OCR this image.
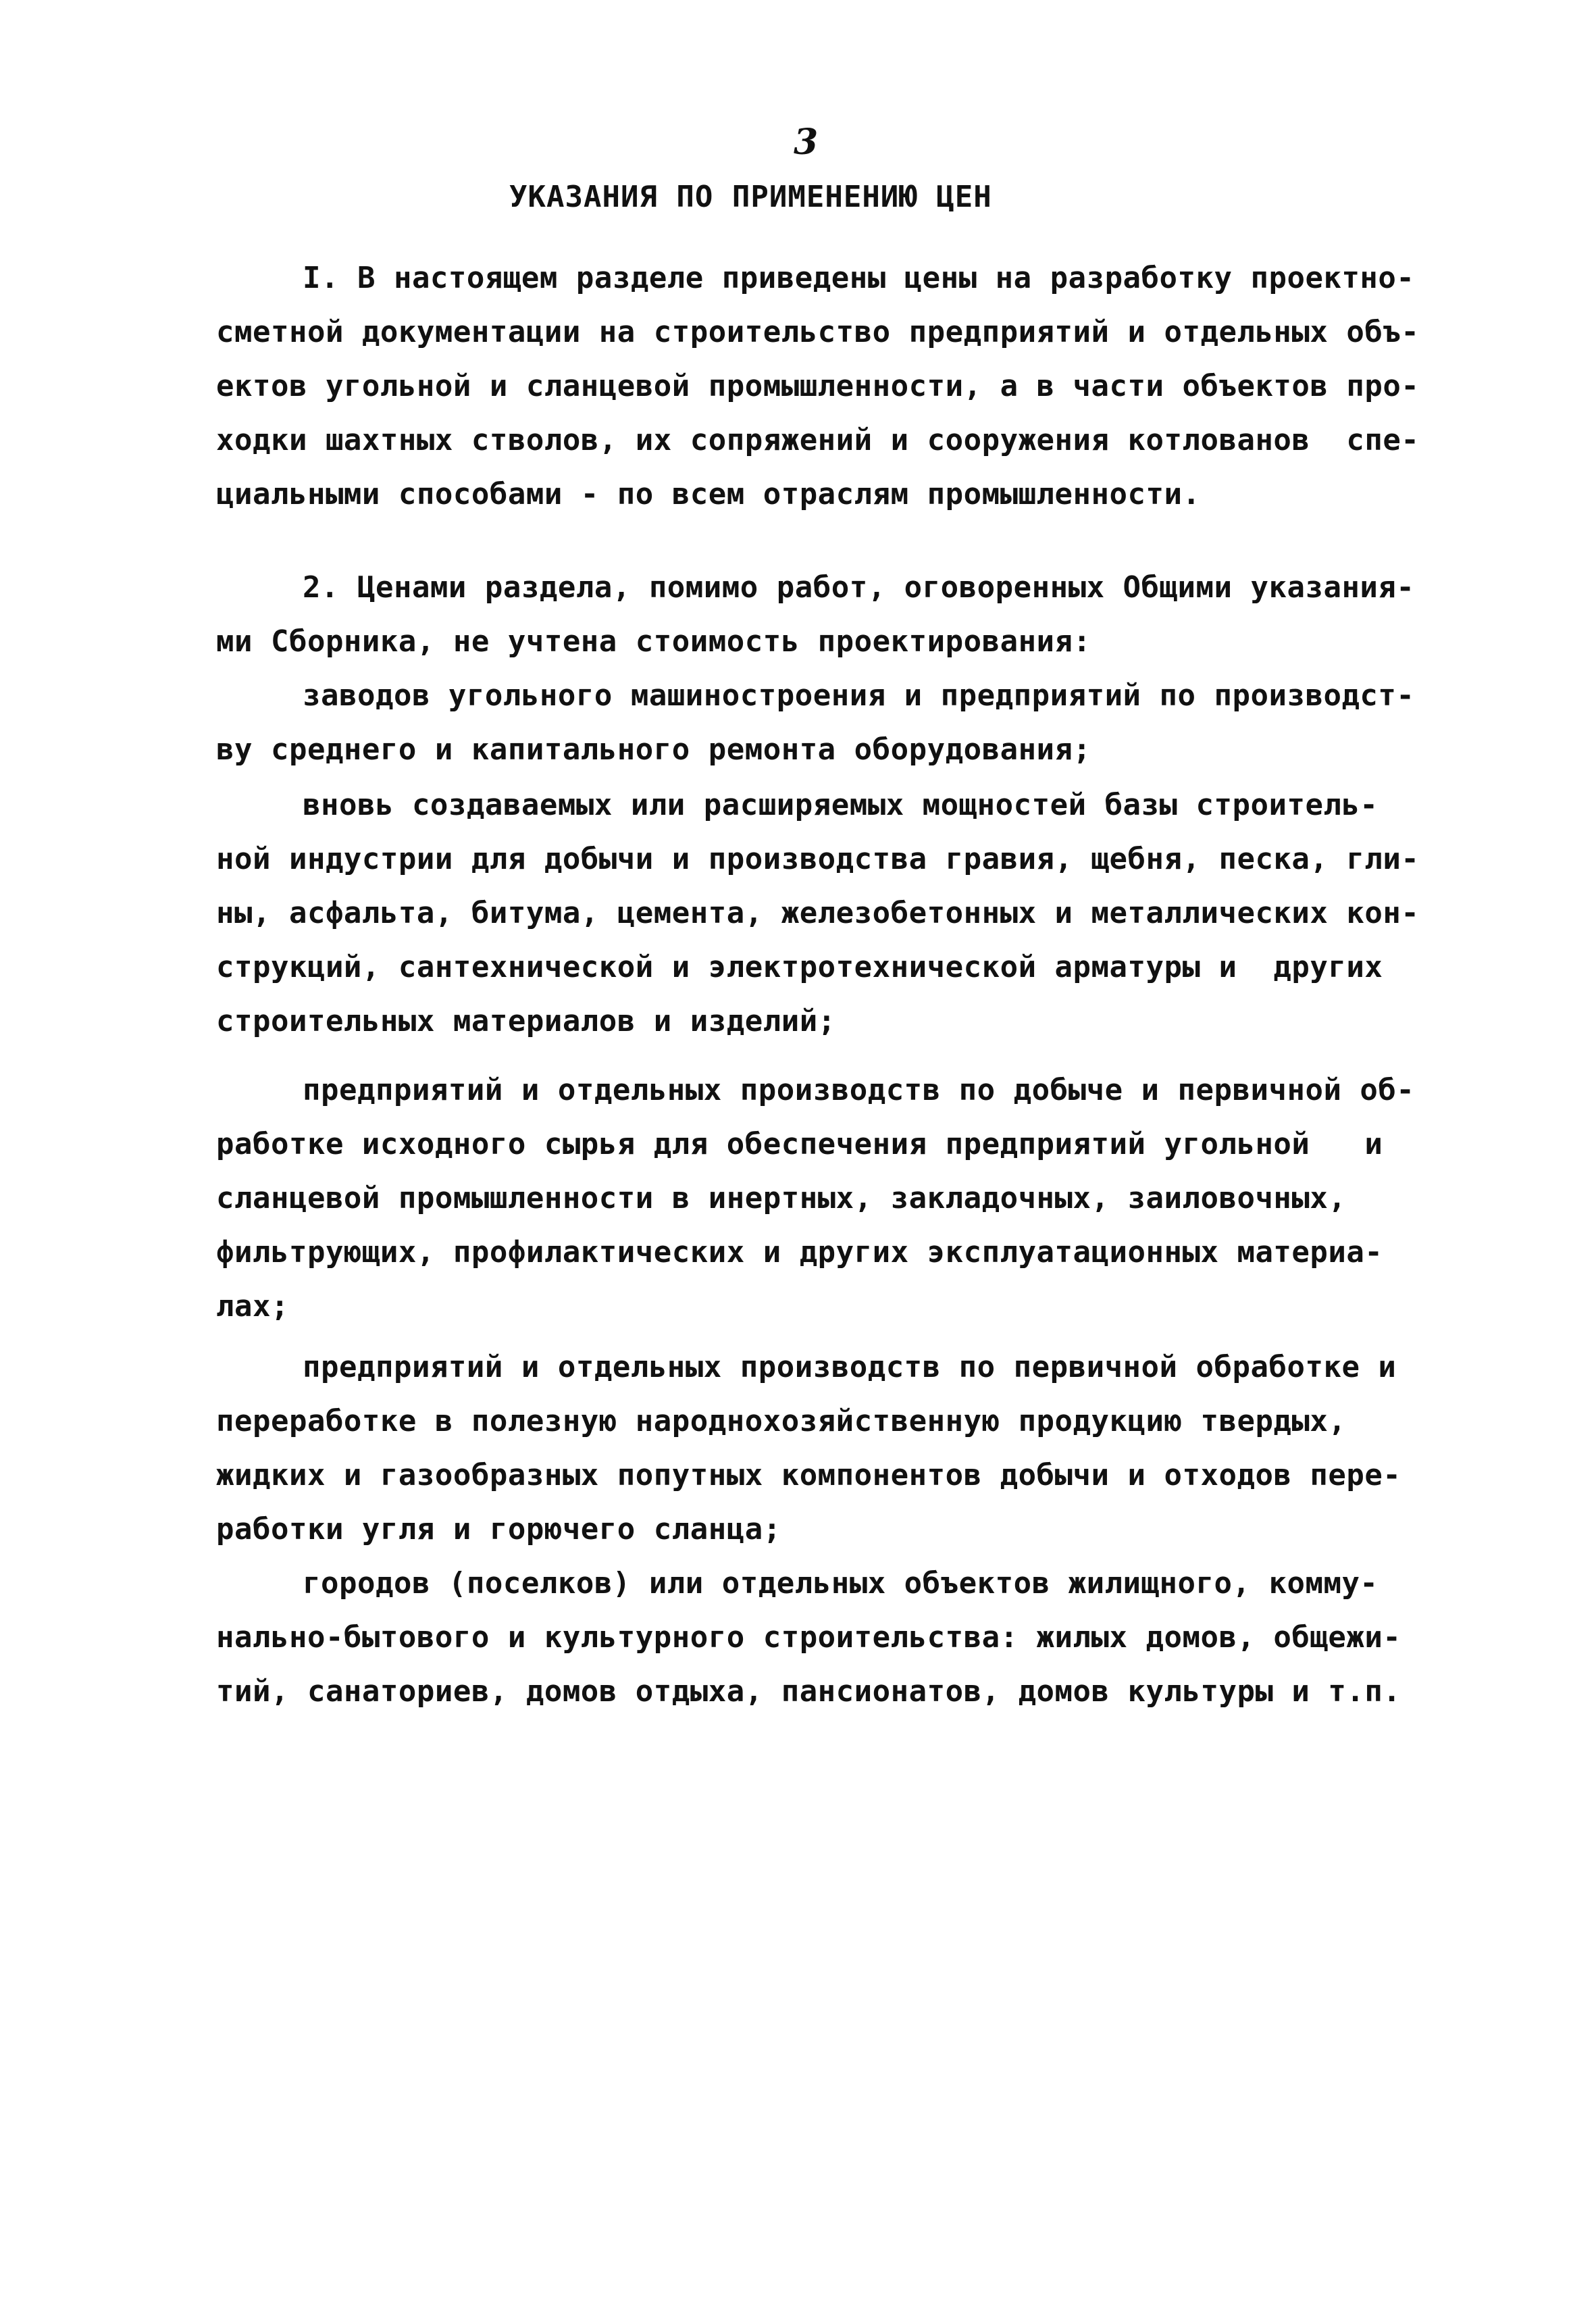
3
УКАЗАНИЯ ПО ПРИМЕНЕНИЮ ЦЕН
I. В настоящем разделе приведены цены на разработку проектно-
сметной документации на строительство предприятий и отдельных объ-
ектов угольной и сланцевой промышленности, а в части объектов про-
ходки шахтных стволов, их сопряжений и сооружения котлованов  спе-
циальными способами - по всем отраслям промышленности.
2. Ценами раздела, помимо работ, оговоренных Общими указания-
ми Сборника, не учтена стоимость проектирования:
заводов угольного машиностроения и предприятий по производст-
ву среднего и капитального ремонта оборудования;
вновь создаваемых или расширяемых мощностей базы строитель-
ной индустрии для добычи и производства гравия, щебня, песка, гли-
ны, асфальта, битума, цемента, железобетонных и металлических кон-
струкций, сантехнической и электротехнической арматуры и  других
строительных материалов и изделий;
предприятий и отдельных производств по добыче и первичной об-
работке исходного сырья для обеспечения предприятий угольной   и
сланцевой промышленности в инертных, закладочных, заиловочных,
фильтрующих, профилактических и других эксплуатационных материа-
лах;
предприятий и отдельных производств по первичной обработке и
переработке в полезную народнохозяйственную продукцию твердых,
жидких и газообразных попутных компонентов добычи и отходов пере-
работки угля и горючего сланца;
городов (поселков) или отдельных объектов жилищного, комму-
нально-бытового и культурного строительства: жилых домов, общежи-
тий, санаториев, домов отдыха, пансионатов, домов культуры и т.п.
